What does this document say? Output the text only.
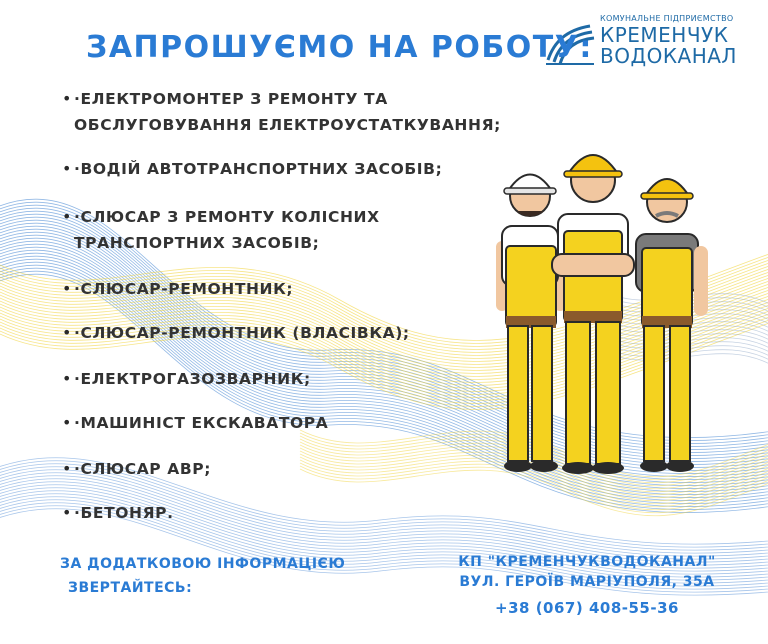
КОМУНАЛЬНЕ ПІДПРИЄМСТВО
КРЕМЕНЧУК
ВОДОКАНАЛ
ЗАПРОШУЄМО НА РОБОТУ:
• ·ЕЛЕКТРОМОНТЕР З РЕМОНТУ ТА ОБСЛУГОВУВАННЯ ЕЛЕКТРОУСТАТКУВАННЯ;
• ·ВОДІЙ АВТОТРАНСПОРТНИХ ЗАСОБІВ;
• ·СЛЮСАР З РЕМОНТУ КОЛІСНИХ ТРАНСПОРТНИХ ЗАСОБІВ;
• ·СЛЮСАР-РЕМОНТНИК;
• ·СЛЮСАР-РЕМОНТНИК (ВЛАСІВКА);
• ·ЕЛЕКТРОГАЗОЗВАРНИК;
• ·МАШИНІСТ ЕКСКАВАТОРА
• ·СЛЮСАР АВР;
• ·БЕТОНЯР.
ЗА ДОДАТКОВОЮ ІНФОРМАЦІЄЮ
ЗВЕРТАЙТЕСЬ:
КП "КРЕМЕНЧУКВОДОКАНАЛ"
ВУЛ. ГЕРОЇВ МАРІУПОЛЯ, 35А
+38 (067) 408-55-36
